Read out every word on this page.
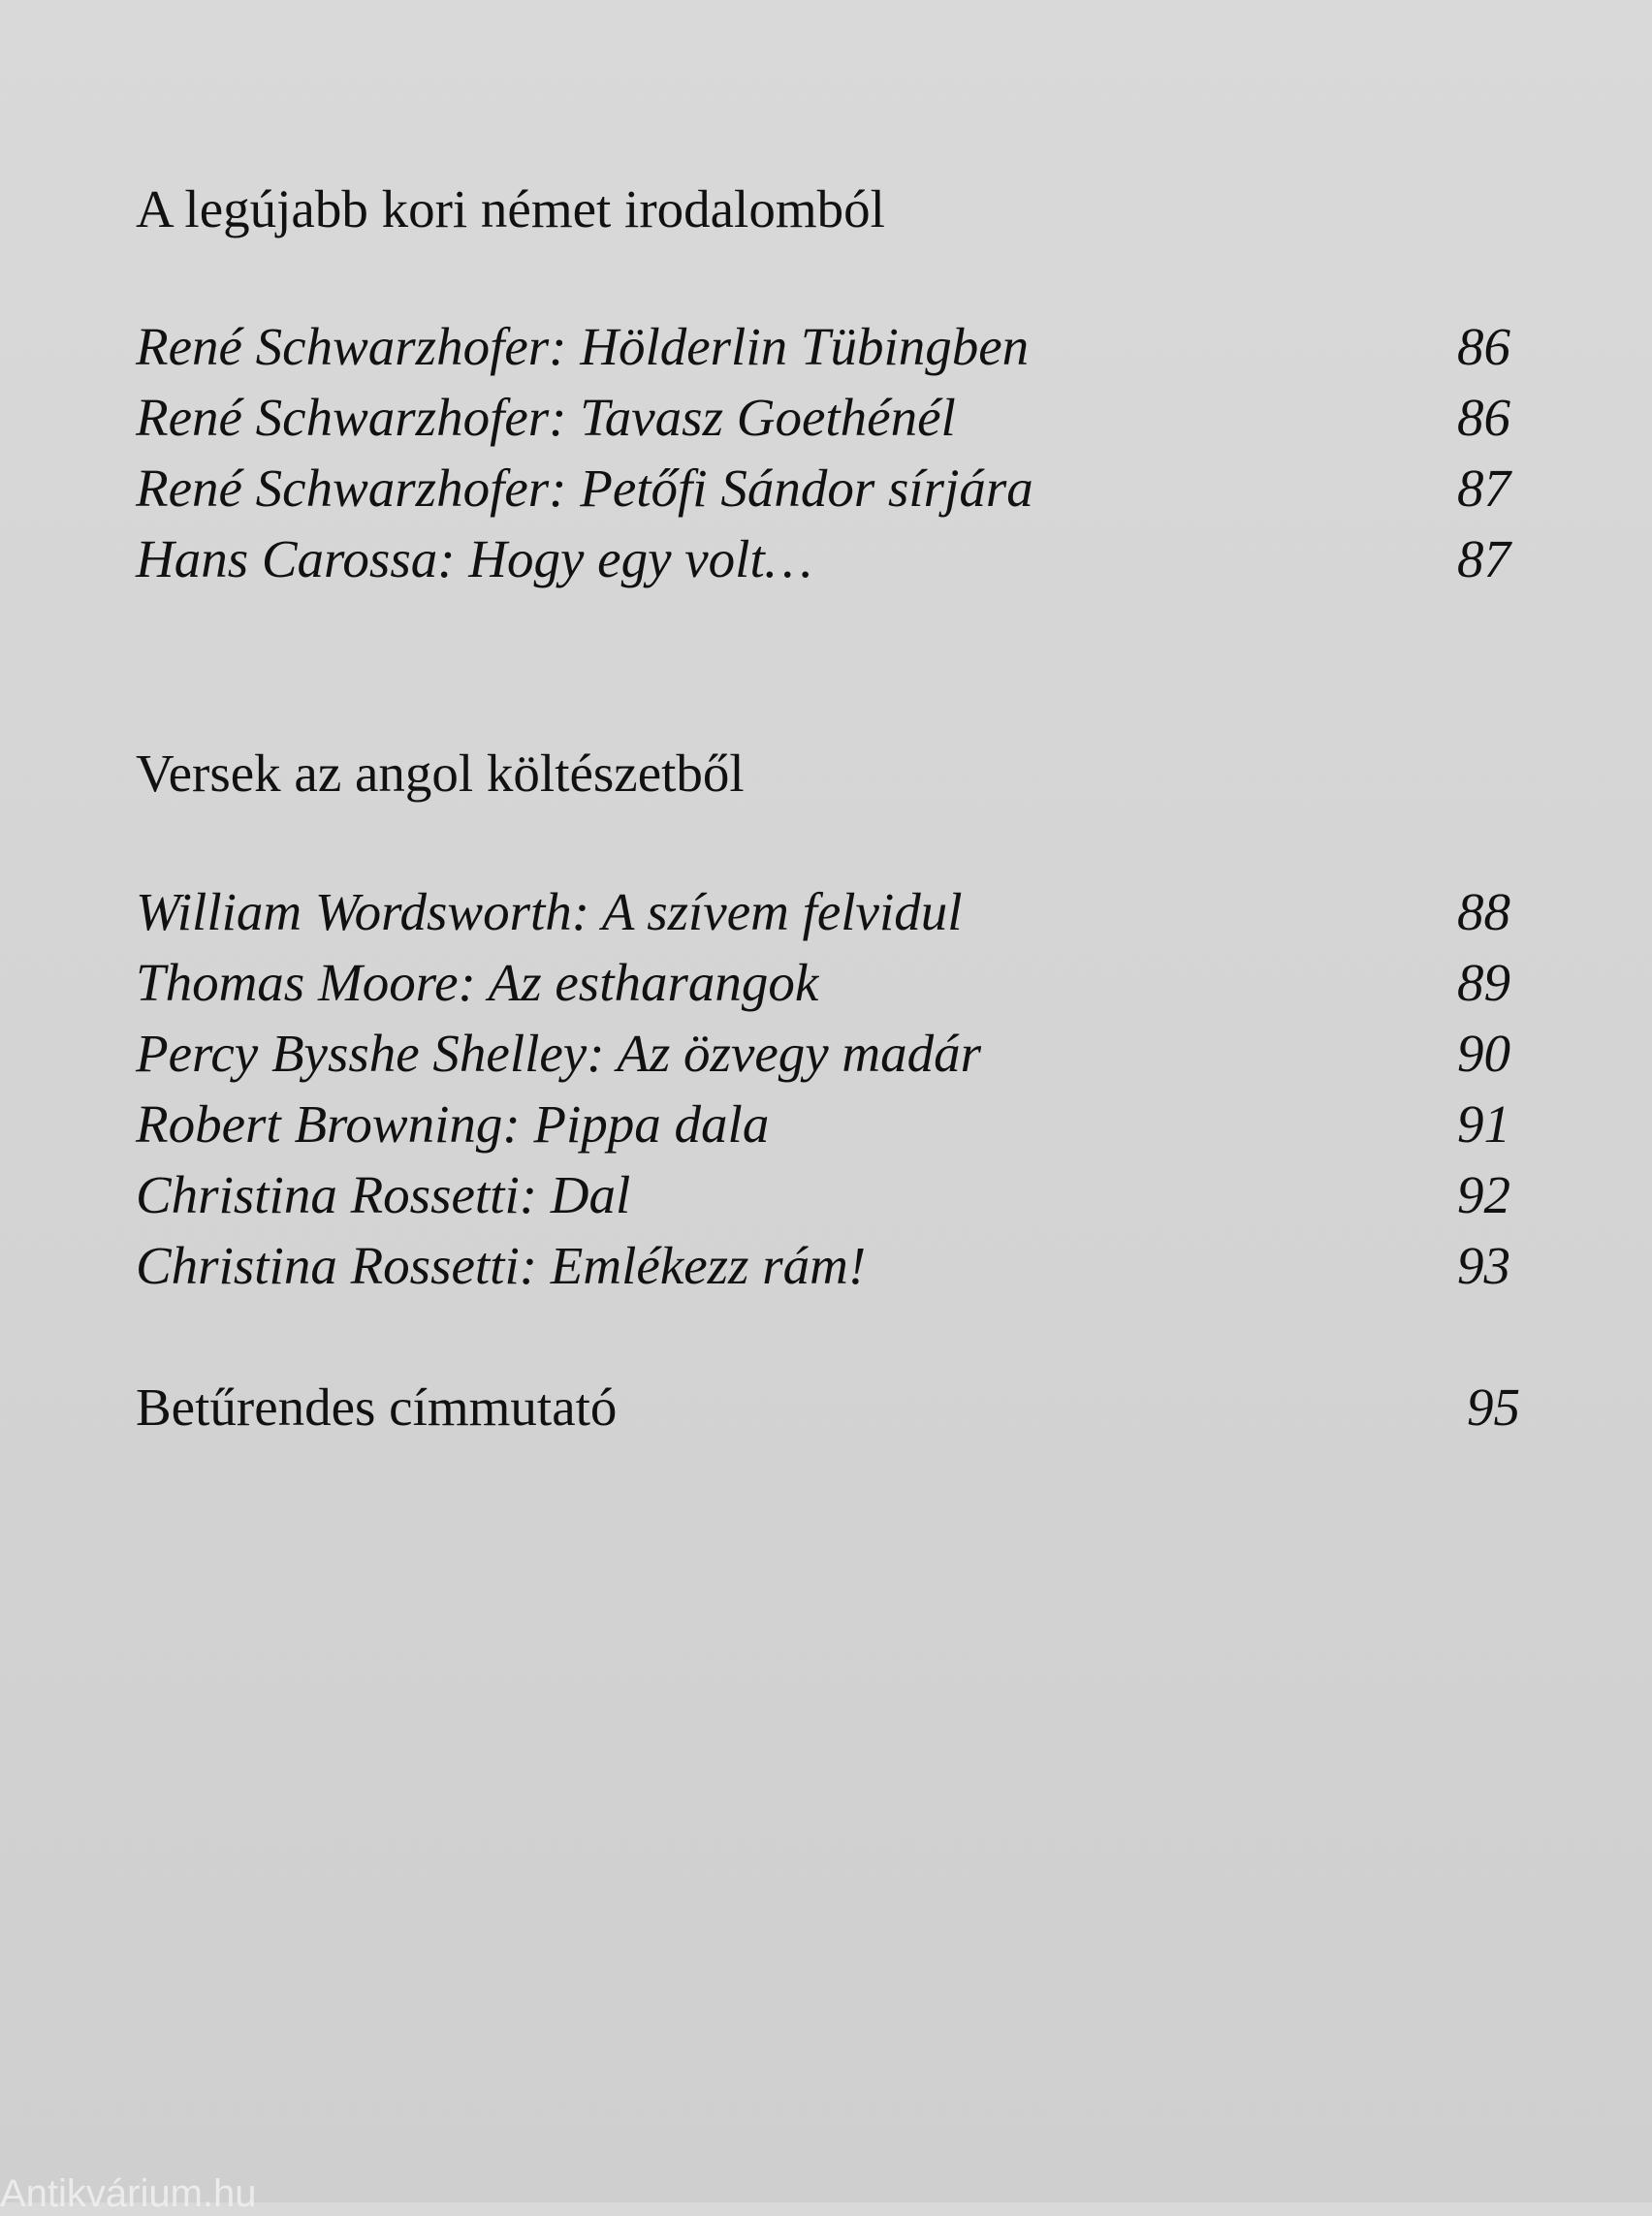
A legújabb kori német irodalomból
René Schwarzhofer: Hölderlin Tübingben	86
René Schwarzhofer: Tavasz Goethénél	86
René Schwarzhofer: Petőfi Sándor sírjára	87
Hans Carossa: Hogy egy volt…	87
Versek az angol költészetből
William Wordsworth: A szívem felvidul	88
Thomas Moore: Az estharangok	89
Percy Bysshe Shelley: Az özvegy madár	90
Robert Browning: Pippa dala	91
Christina Rossetti: Dal	92
Christina Rossetti: Emlékezz rám!	93
Betűrendes címmutató	95
Antikvárium.hu
